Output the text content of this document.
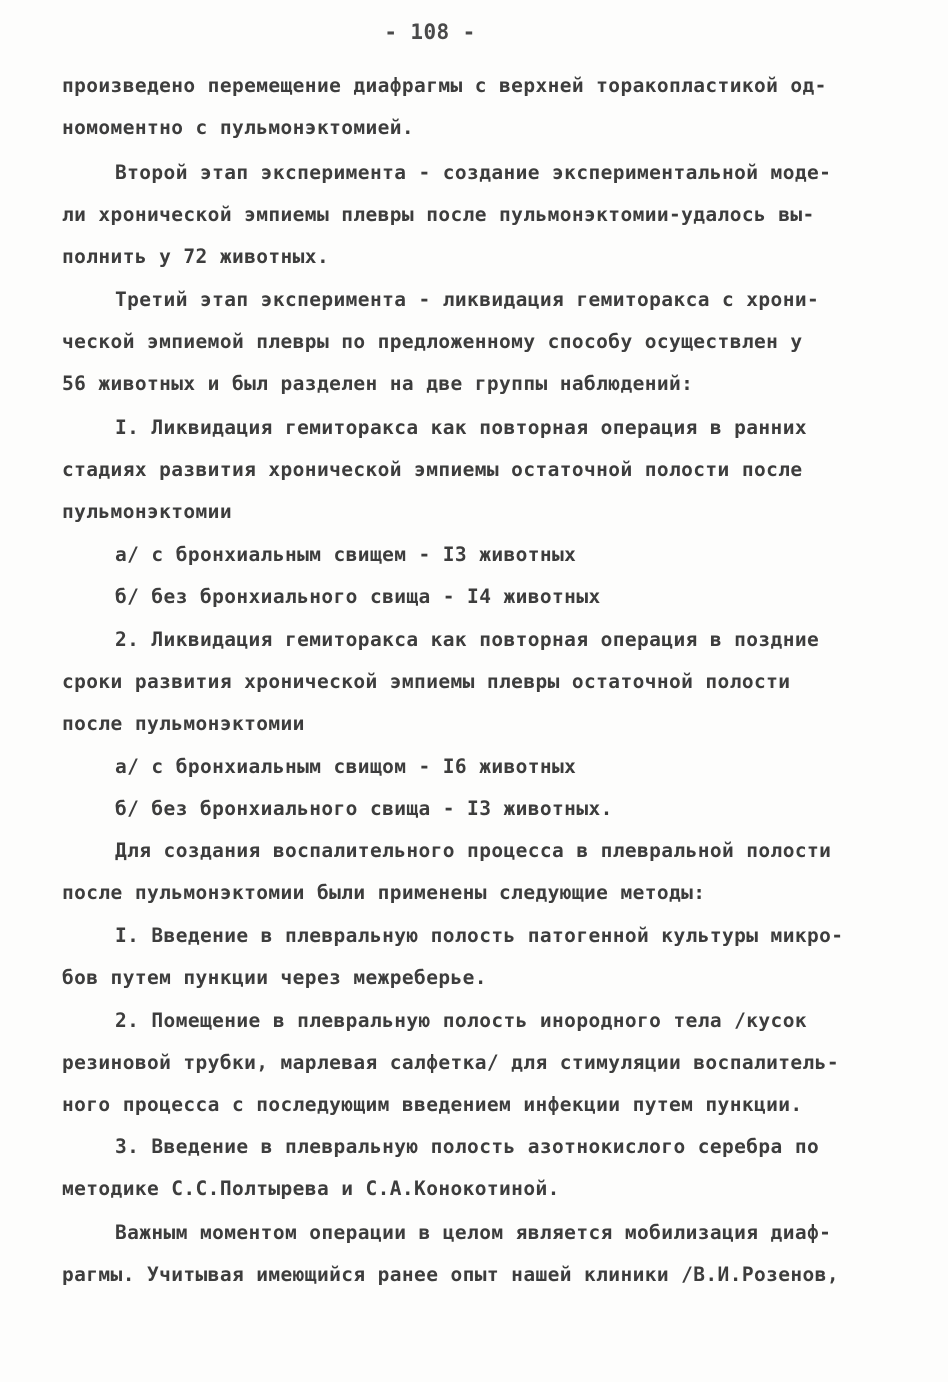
- 108 -
произведено перемещение диафрагмы с верхней торакопластикой од-
номоментно с пульмонэктомией.
Второй этап эксперимента - создание экспериментальной моде-
ли хронической эмпиемы плевры после пульмонэктомии-удалось вы-
полнить у 72 животных.
Третий этап эксперимента - ликвидация гемиторакса с хрони-
ческой эмпиемой плевры по предложенному способу осуществлен у
56 животных и был разделен на две группы наблюдений:
I. Ликвидация гемиторакса как повторная операция в ранних
стадиях развития хронической эмпиемы остаточной полости после
пульмонэктомии
а/ с бронхиальным свищем - I3 животных
б/ без бронхиального свища - I4 животных
2. Ликвидация гемиторакса как повторная операция в поздние
сроки развития хронической эмпиемы плевры остаточной полости
после пульмонэктомии
а/ с бронхиальным свищом - I6 животных
б/ без бронхиального свища - I3 животных.
Для создания воспалительного процесса в плевральной полости
после пульмонэктомии были применены следующие методы:
I. Введение в плевральную полость патогенной культуры микро-
бов путем пункции через межреберье.
2. Помещение в плевральную полость инородного тела /кусок
резиновой трубки, марлевая салфетка/ для стимуляции воспалитель-
ного процесса с последующим введением инфекции путем пункции.
3. Введение в плевральную полость азотнокислого серебра по
методике С.С.Полтырева и С.А.Конокотиной.
Важным моментом операции в целом является мобилизация диаф-
рагмы. Учитывая имеющийся ранее опыт нашей клиники /В.И.Розенов,
